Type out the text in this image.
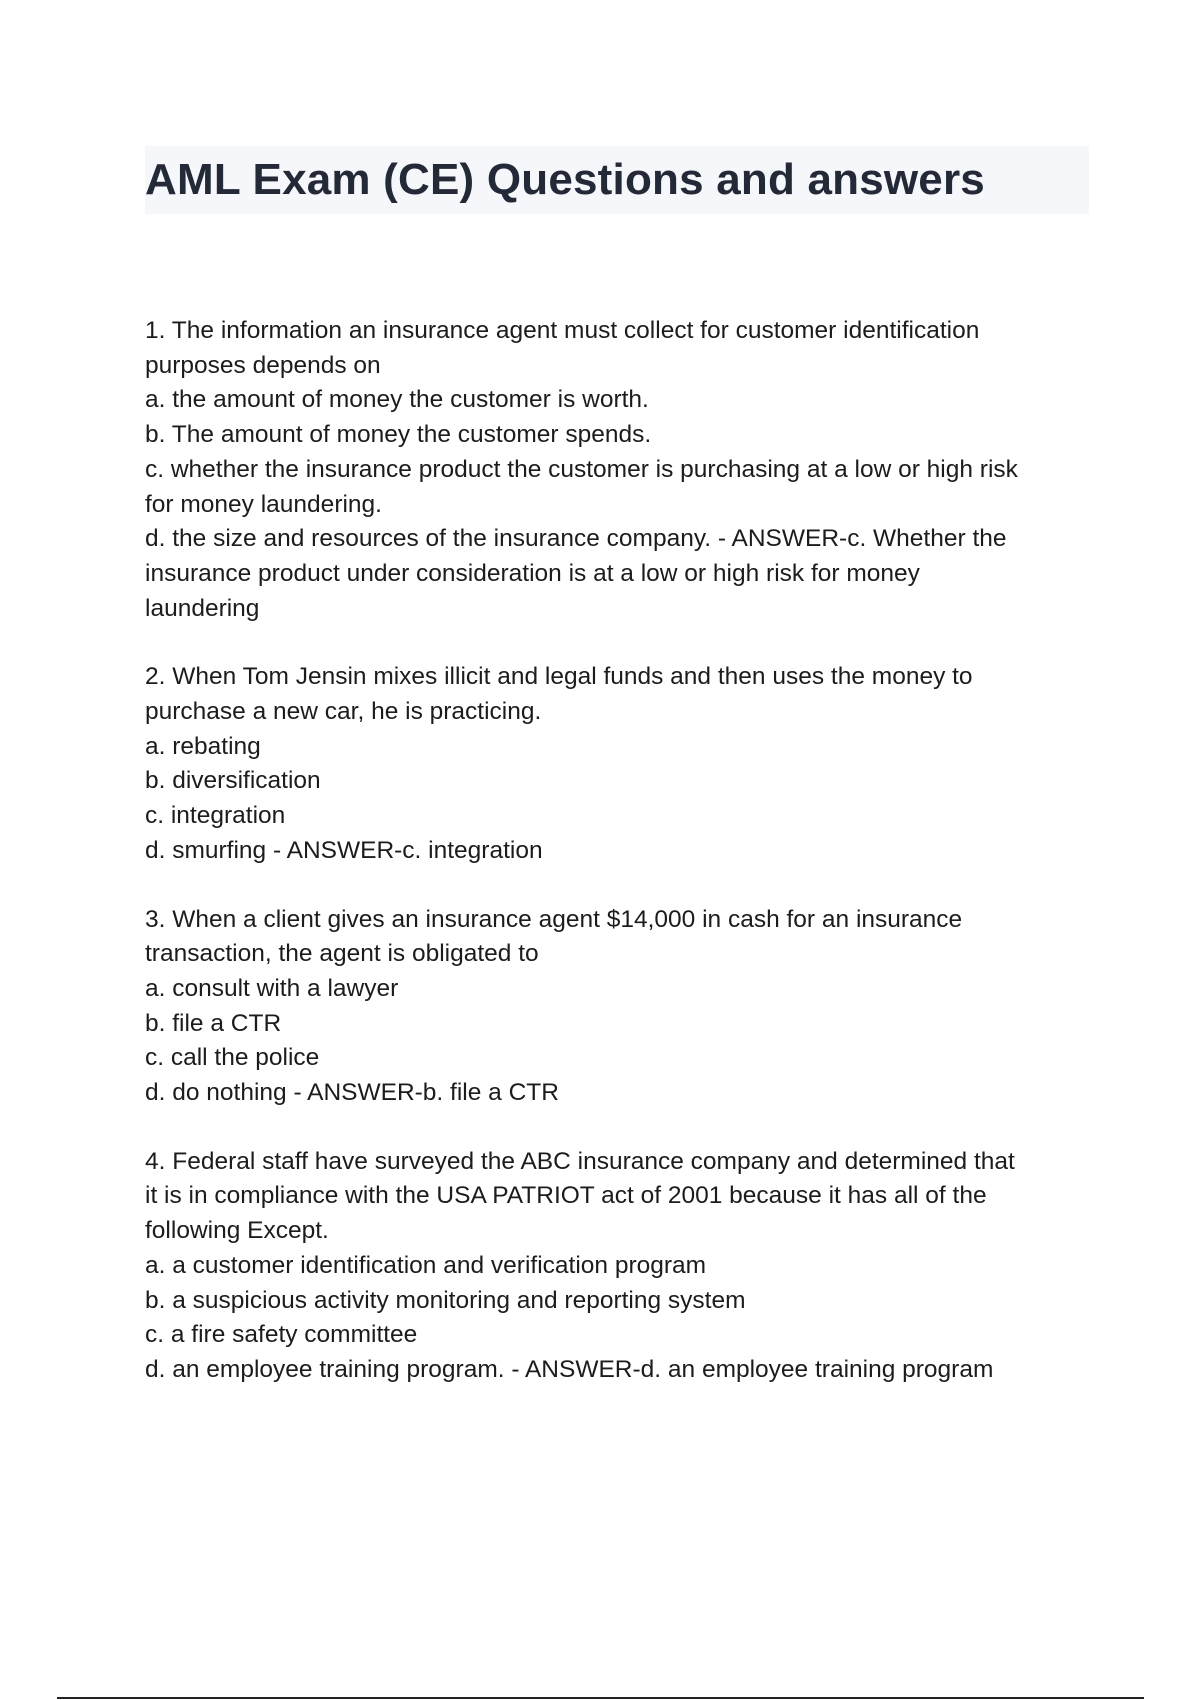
AML Exam (CE) Questions and answers
1. The information an insurance agent must collect for customer identification
purposes depends on
a. the amount of money the customer is worth.
b. The amount of money the customer spends.
c. whether the insurance product the customer is purchasing at a low or high risk
for money laundering.
d. the size and resources of the insurance company. - ANSWER-c. Whether the
insurance product under consideration is at a low or high risk for money
laundering
2. When Tom Jensin mixes illicit and legal funds and then uses the money to
purchase a new car, he is practicing.
a. rebating
b. diversification
c. integration
d. smurfing - ANSWER-c. integration
3. When a client gives an insurance agent $14,000 in cash for an insurance
transaction, the agent is obligated to
a. consult with a lawyer
b. file a CTR
c. call the police
d. do nothing - ANSWER-b. file a CTR
4. Federal staff have surveyed the ABC insurance company and determined that
it is in compliance with the USA PATRIOT act of 2001 because it has all of the
following Except.
a. a customer identification and verification program
b. a suspicious activity monitoring and reporting system
c. a fire safety committee
d. an employee training program. - ANSWER-d. an employee training program
